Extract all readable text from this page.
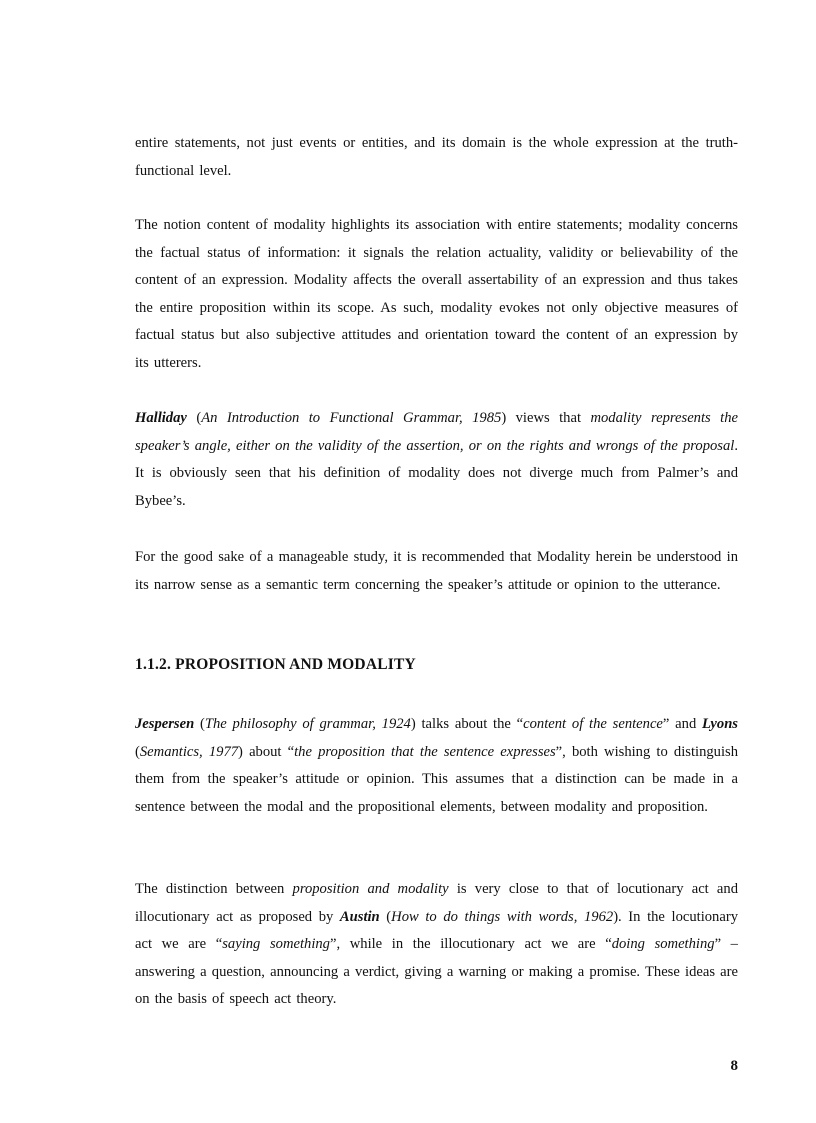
entire statements, not just events or entities, and its domain is the whole expression at the truth-functional level.

The notion content of modality highlights its association with entire statements; modality concerns the factual status of information: it signals the relation actuality, validity or believability of the content of an expression. Modality affects the overall assertability of an expression and thus takes the entire proposition within its scope. As such, modality evokes not only objective measures of factual status but also subjective attitudes and orientation toward the content of an expression by its utterers.

Halliday (An Introduction to Functional Grammar, 1985) views that modality represents the speaker’s angle, either on the validity of the assertion, or on the rights and wrongs of the proposal. It is obviously seen that his definition of modality does not diverge much from Palmer’s and Bybee’s.

For the good sake of a manageable study, it is recommended that Modality herein be understood in its narrow sense as a semantic term concerning the speaker’s attitude or opinion to the utterance.

1.1.2. PROPOSITION AND MODALITY

Jespersen (The philosophy of grammar, 1924) talks about the “content of the sentence” and Lyons (Semantics, 1977) about “the proposition that the sentence expresses”, both wishing to distinguish them from the speaker’s attitude or opinion. This assumes that a distinction can be made in a sentence between the modal and the propositional elements, between modality and proposition.

The distinction between proposition and modality is very close to that of locutionary act and illocutionary act as proposed by Austin (How to do things with words, 1962). In the locutionary act we are “saying something”, while in the illocutionary act we are “doing something” – answering a question, announcing a verdict, giving a warning or making a promise. These ideas are on the basis of speech act theory.

8
